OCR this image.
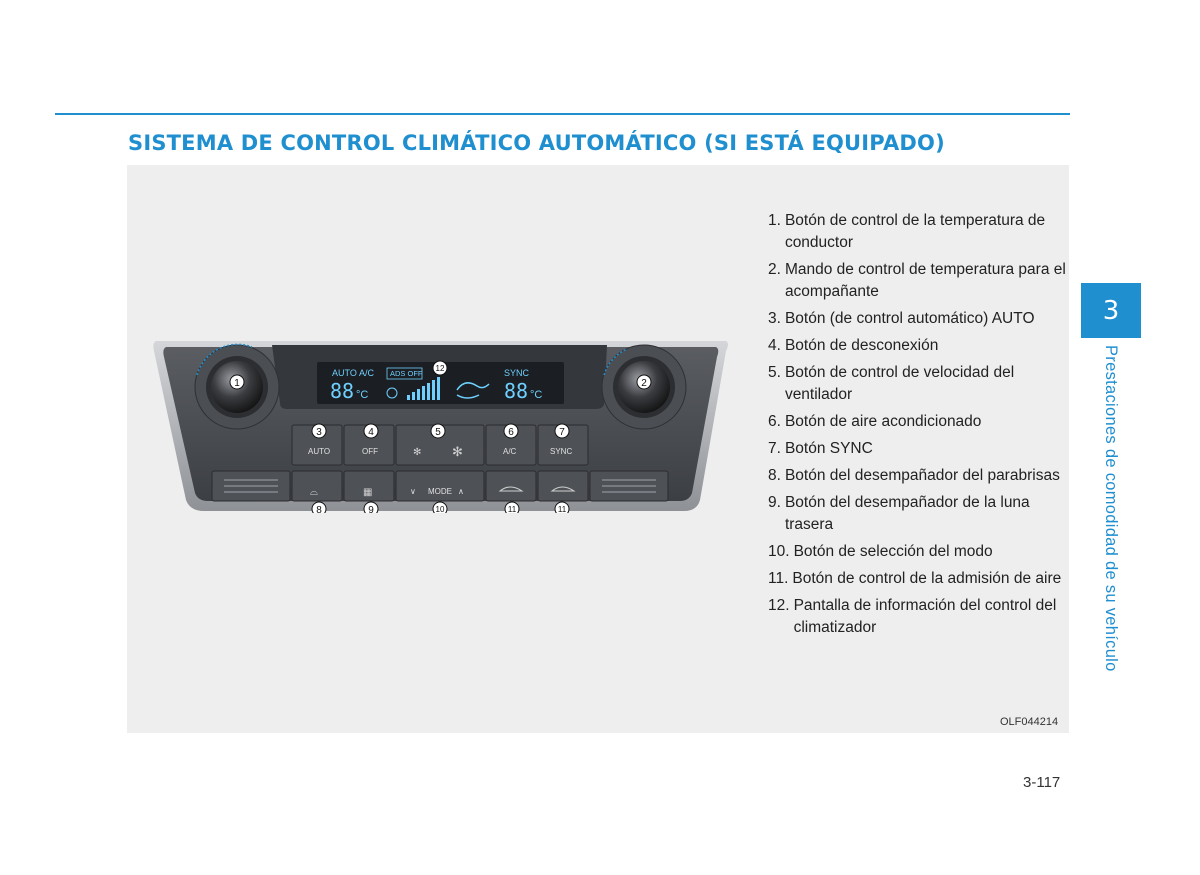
SISTEMA DE CONTROL CLIMÁTICO AUTOMÁTICO (SI ESTÁ EQUIPADO)
AUTO A/C ADS OFF	SYNC
88 °C	88 °C
AUTO	OFF	A/C	SYNC
✻ ✻
∨ MODE ∧
⌓	▦
1	2
3	4	5	6	7
8	9	10	11	11
12
1. Botón de control de la temperatura de conductor
2. Mando de control de temperatura para el acompañante
3. Botón (de control automático) AUTO
4. Botón de desconexión
5. Botón de control de velocidad del ventilador
6. Botón de aire acondicionado
7. Botón SYNC
8. Botón del desempañador del parabrisas
9. Botón del desempañador de la luna trasera
10. Botón de selección del modo
11. Botón de control de la admisión de aire
12. Pantalla de información del control del climatizador
OLF044214
3-117
3
Prestaciones de comodidad de su vehículo
